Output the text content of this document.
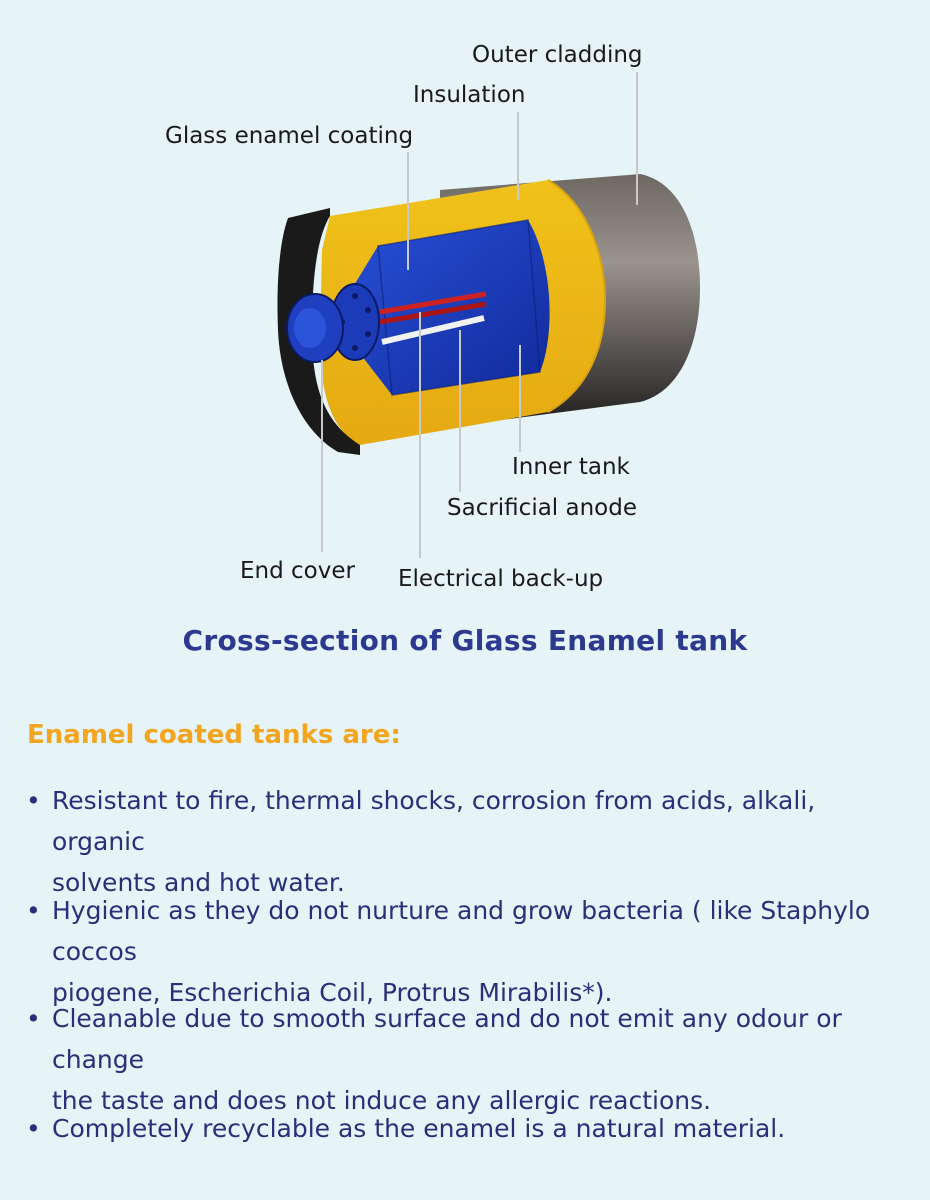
Outer cladding
Insulation
Glass enamel coating
Inner tank
Sacrificial anode
End cover Electrical back-up
Cross-section of Glass Enamel tank
Enamel coated tanks are:
• Resistant to fire, thermal shocks, corrosion from acids, alkali, organic
solvents and hot water.
• Hygienic as they do not nurture and grow bacteria ( like Staphylo coccos
piogene, Escherichia Coil, Protrus Mirabilis*).
• Cleanable due to smooth surface and do not emit any odour or change
the taste and does not induce any allergic reactions.
• Completely recyclable as the enamel is a natural material.
